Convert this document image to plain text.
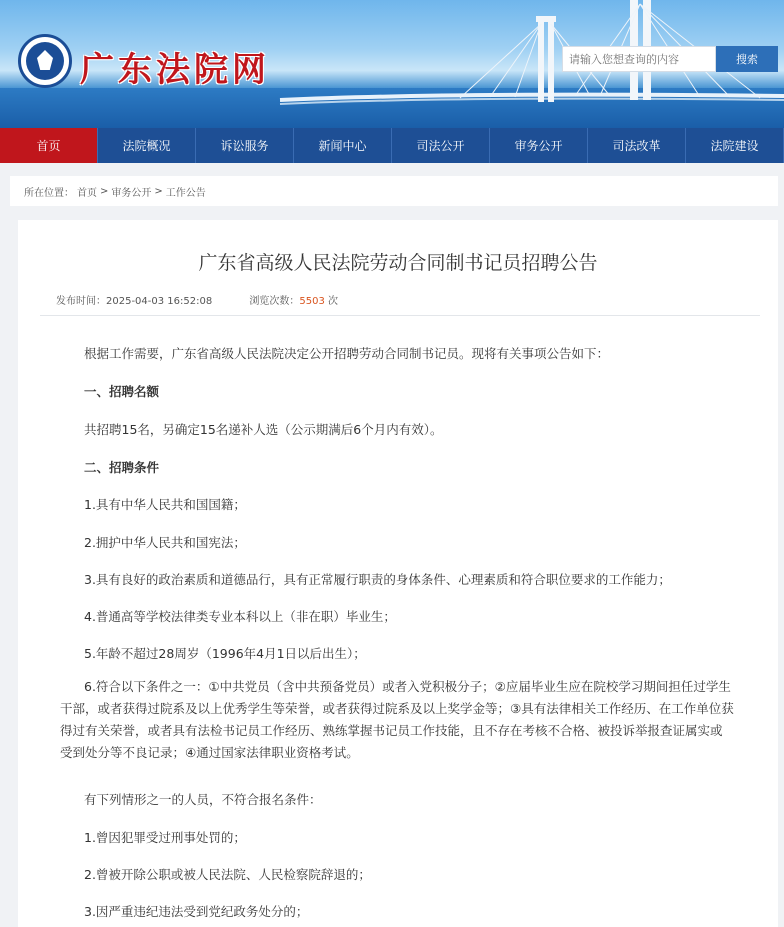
广东法院网
请输入您想查询的内容	搜索
首页	法院概况	诉讼服务	新闻中心	司法公开	审务公开	司法改革	法院建设
所在位置： 首页 > 审务公开 > 工作公告
广东省高级人民法院劳动合同制书记员招聘公告
发布时间：2025-04-03 16:52:08	浏览次数：5503 次
根据工作需要，广东省高级人民法院决定公开招聘劳动合同制书记员。现将有关事项公告如下：
一、招聘名额
共招聘15名，另确定15名递补人选（公示期满后6个月内有效）。
二、招聘条件
1.具有中华人民共和国国籍；
2.拥护中华人民共和国宪法；
3.具有良好的政治素质和道德品行，具有正常履行职责的身体条件、心理素质和符合职位要求的工作能力；
4.普通高等学校法律类专业本科以上（非在职）毕业生；
5.年龄不超过28周岁（1996年4月1日以后出生）；
6.符合以下条件之一：①中共党员（含中共预备党员）或者入党积极分子；②应届毕业生应在院校学习期间担任过学生干部，或者获得过院系及以上优秀学生等荣誉，或者获得过院系及以上奖学金等；③具有法律相关工作经历、在工作单位获得过有关荣誉，或者具有法检书记员工作经历、熟练掌握书记员工作技能，且不存在考核不合格、被投诉举报查证属实或受到处分等不良记录；④通过国家法律职业资格考试。
有下列情形之一的人员，不符合报名条件：
1.曾因犯罪受过刑事处罚的；
2.曾被开除公职或被人民法院、人民检察院辞退的；
3.因严重违纪违法受到党纪政务处分的；
